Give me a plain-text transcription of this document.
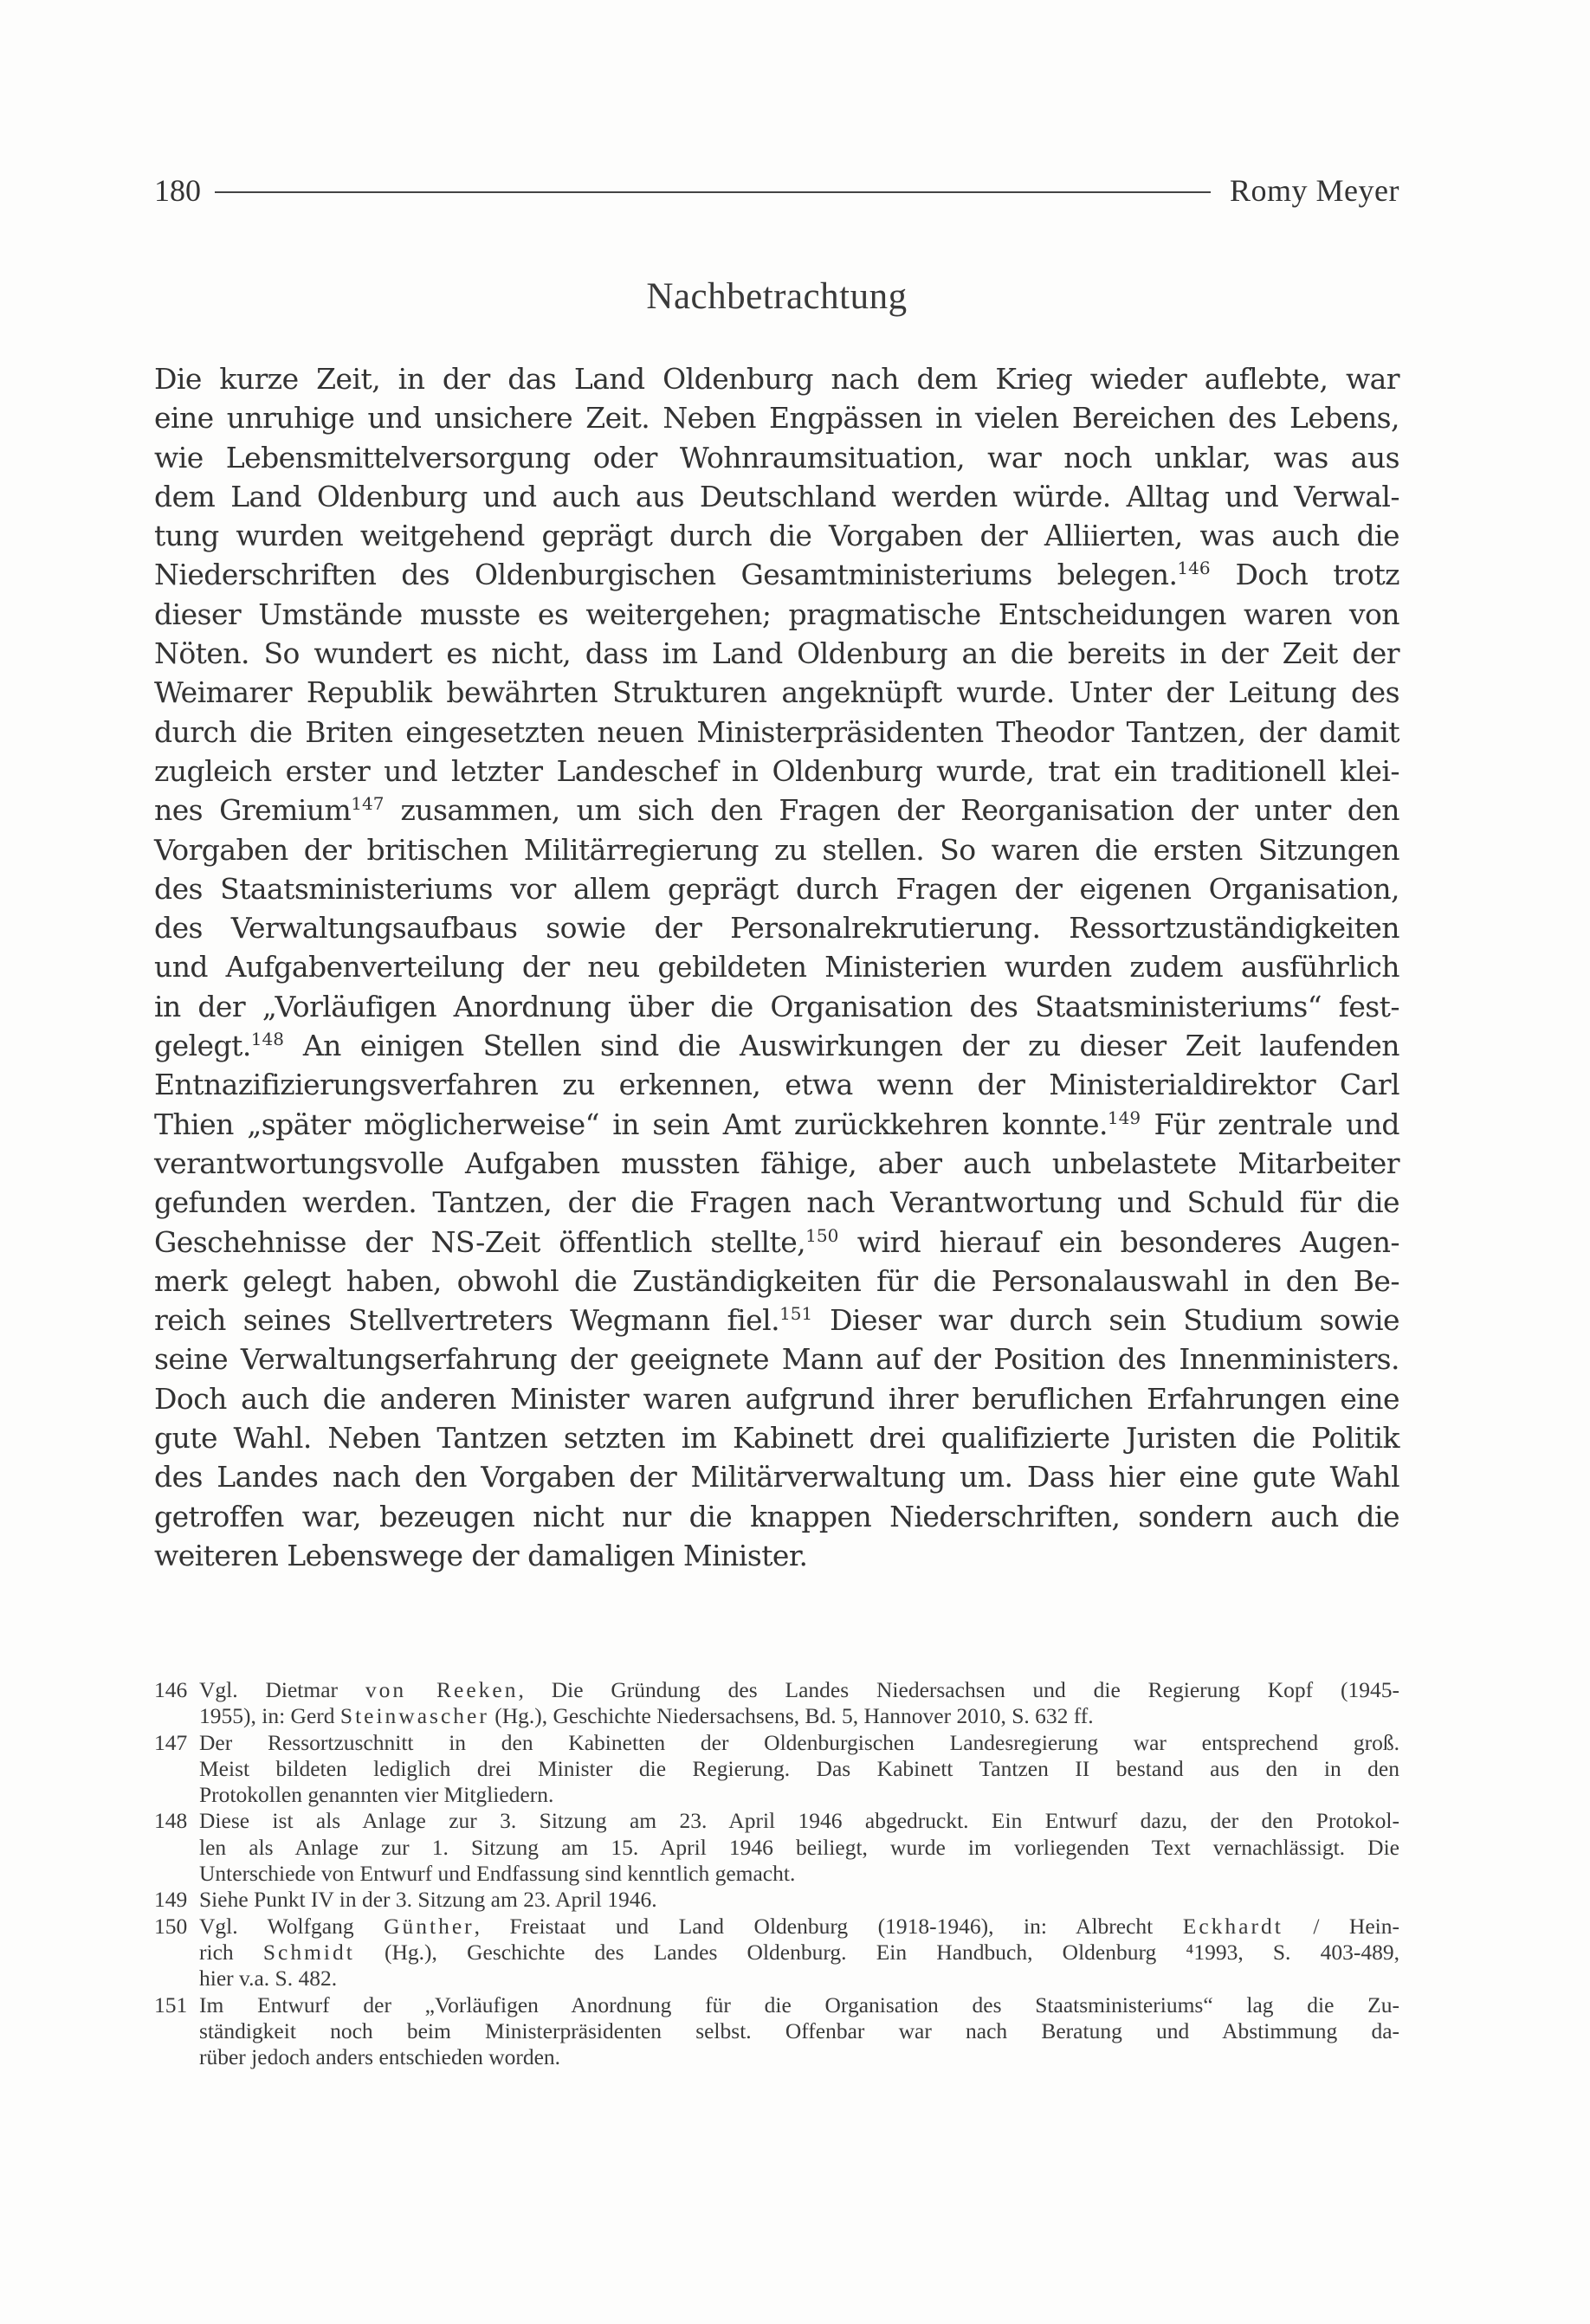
180	Romy Meyer
Nachbetrachtung
Die kurze Zeit, in der das Land Oldenburg nach dem Krieg wieder auflebte, war
eine unruhige und unsichere Zeit. Neben Engpässen in vielen Bereichen des Lebens,
wie Lebensmittelversorgung oder Wohnraumsituation, war noch unklar, was aus
dem Land Oldenburg und auch aus Deutschland werden würde. Alltag und Verwal-
tung wurden weitgehend geprägt durch die Vorgaben der Alliierten, was auch die
Niederschriften des Oldenburgischen Gesamtministeriums belegen.$^{146}$ Doch trotz
dieser Umstände musste es weitergehen; pragmatische Entscheidungen waren von
Nöten. So wundert es nicht, dass im Land Oldenburg an die bereits in der Zeit der
Weimarer Republik bewährten Strukturen angeknüpft wurde. Unter der Leitung des
durch die Briten eingesetzten neuen Ministerpräsidenten Theodor Tantzen, der damit
zugleich erster und letzter Landeschef in Oldenburg wurde, trat ein traditionell klei-
nes Gremium$^{147}$ zusammen, um sich den Fragen der Reorganisation der unter den
Vorgaben der britischen Militärregierung zu stellen. So waren die ersten Sitzungen
des Staatsministeriums vor allem geprägt durch Fragen der eigenen Organisation,
des Verwaltungsaufbaus sowie der Personalrekrutierung. Ressortzuständigkeiten
und Aufgabenverteilung der neu gebildeten Ministerien wurden zudem ausführlich
in der „Vorläufigen Anordnung über die Organisation des Staatsministeriums“ fest-
gelegt.$^{148}$ An einigen Stellen sind die Auswirkungen der zu dieser Zeit laufenden
Entnazifizierungsverfahren zu erkennen, etwa wenn der Ministerialdirektor Carl
Thien „später möglicherweise“ in sein Amt zurückkehren konnte.$^{149}$ Für zentrale und
verantwortungsvolle Aufgaben mussten fähige, aber auch unbelastete Mitarbeiter
gefunden werden. Tantzen, der die Fragen nach Verantwortung und Schuld für die
Geschehnisse der NS-Zeit öffentlich stellte,$^{150}$ wird hierauf ein besonderes Augen-
merk gelegt haben, obwohl die Zuständigkeiten für die Personalauswahl in den Be-
reich seines Stellvertreters Wegmann fiel.$^{151}$ Dieser war durch sein Studium sowie
seine Verwaltungserfahrung der geeignete Mann auf der Position des Innenministers.
Doch auch die anderen Minister waren aufgrund ihrer beruflichen Erfahrungen eine
gute Wahl. Neben Tantzen setzten im Kabinett drei qualifizierte Juristen die Politik
des Landes nach den Vorgaben der Militärverwaltung um. Dass hier eine gute Wahl
getroffen war, bezeugen nicht nur die knappen Niederschriften, sondern auch die
weiteren Lebenswege der damaligen Minister.
146 Vgl. Dietmar von Reeken, Die Gründung des Landes Niedersachsen und die Regierung Kopf (1945-
1955), in: Gerd Steinwascher (Hg.), Geschichte Niedersachsens, Bd. 5, Hannover 2010, S. 632 ff.
147 Der Ressortzuschnitt in den Kabinetten der Oldenburgischen Landesregierung war entsprechend groß.
Meist bildeten lediglich drei Minister die Regierung. Das Kabinett Tantzen II bestand aus den in den
Protokollen genannten vier Mitgliedern.
148 Diese ist als Anlage zur 3. Sitzung am 23. April 1946 abgedruckt. Ein Entwurf dazu, der den Protokol-
len als Anlage zur 1. Sitzung am 15. April 1946 beiliegt, wurde im vorliegenden Text vernachlässigt. Die
Unterschiede von Entwurf und Endfassung sind kenntlich gemacht.
149 Siehe Punkt IV in der 3. Sitzung am 23. April 1946.
150 Vgl. Wolfgang Günther, Freistaat und Land Oldenburg (1918-1946), in: Albrecht Eckhardt / Hein-
rich Schmidt (Hg.), Geschichte des Landes Oldenburg. Ein Handbuch, Oldenburg ⁴1993, S. 403-489,
hier v.a. S. 482.
151 Im Entwurf der „Vorläufigen Anordnung für die Organisation des Staatsministeriums“ lag die Zu-
ständigkeit noch beim Ministerpräsidenten selbst. Offenbar war nach Beratung und Abstimmung da-
rüber jedoch anders entschieden worden.
